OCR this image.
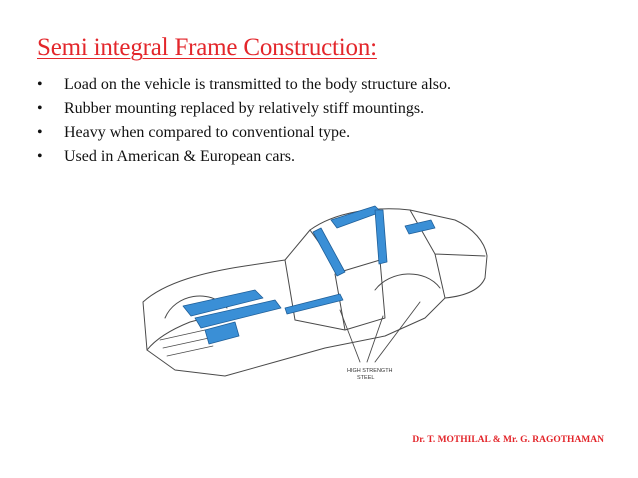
Semi integral Frame Construction:
• Load on the vehicle is transmitted to the body structure also.
• Rubber mounting replaced by relatively stiff mountings.
• Heavy when compared to conventional type.
• Used in American & European cars.
HIGH STRENGTH
STEEL
Dr. T. MOTHILAL & Mr. G. RAGOTHAMAN
